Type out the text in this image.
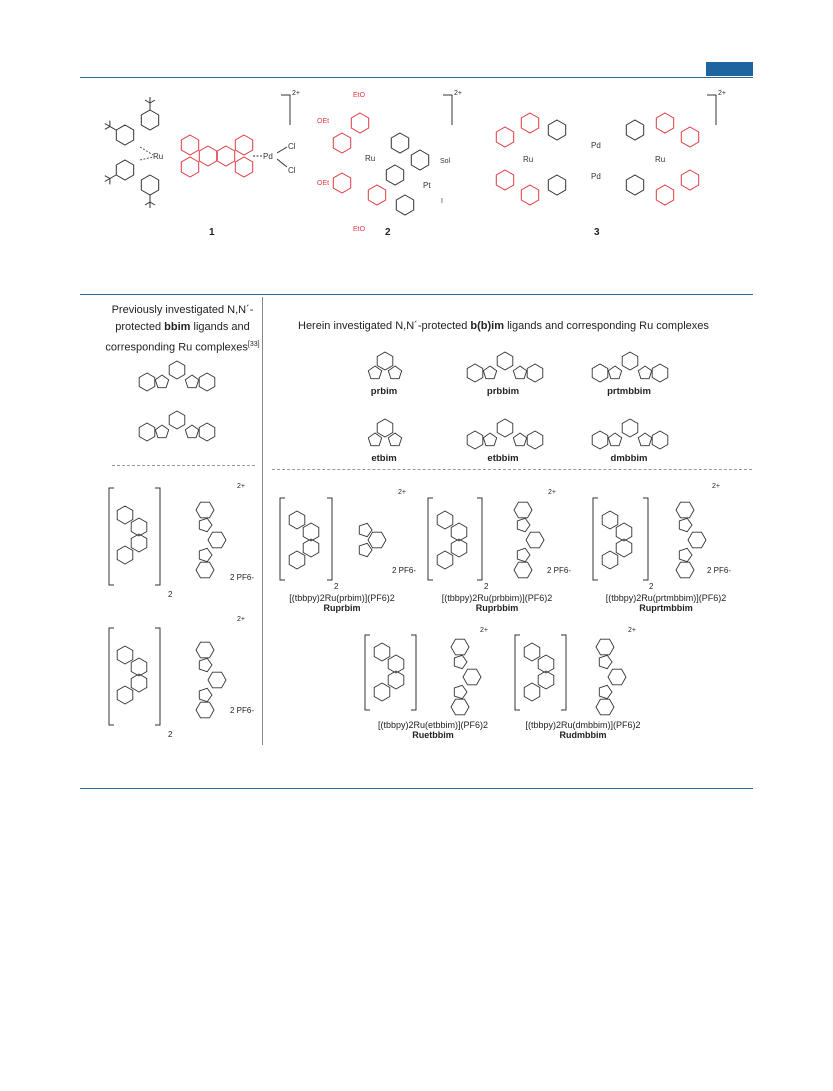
Ru	Pd
Cl
Cl
EtO
OEt
OEt
EtO
Ru
Pt
Sol
I
Ru	Ru
Pd
Pd
2+	2+	2+
1	2	3
Previously investigated N,N´-
protected bbim ligands and
corresponding Ru complexes[33]
Herein investigated N,N´-protected b(b)im ligands and corresponding Ru complexes
prbim	prbbim	prtmbbim
etbim	etbbim	dmbbim
2+
2+
2+	2+
2+
2+	2+
2 PF6-
2 PF6-
2 PF6-	2 PF6-	2 PF6-
2
2
2	2	2
[(tbbpy)2Ru(prbim)](PF6)2
Ruprbim
[(tbbpy)2Ru(prbbim)](PF6)2
Ruprbbim
[(tbbpy)2Ru(prtmbbim)](PF6)2
Ruprtmbbim
[(tbbpy)2Ru(etbbim)](PF6)2
Ruetbbim
[(tbbpy)2Ru(dmbbim)](PF6)2
Rudmbbim
